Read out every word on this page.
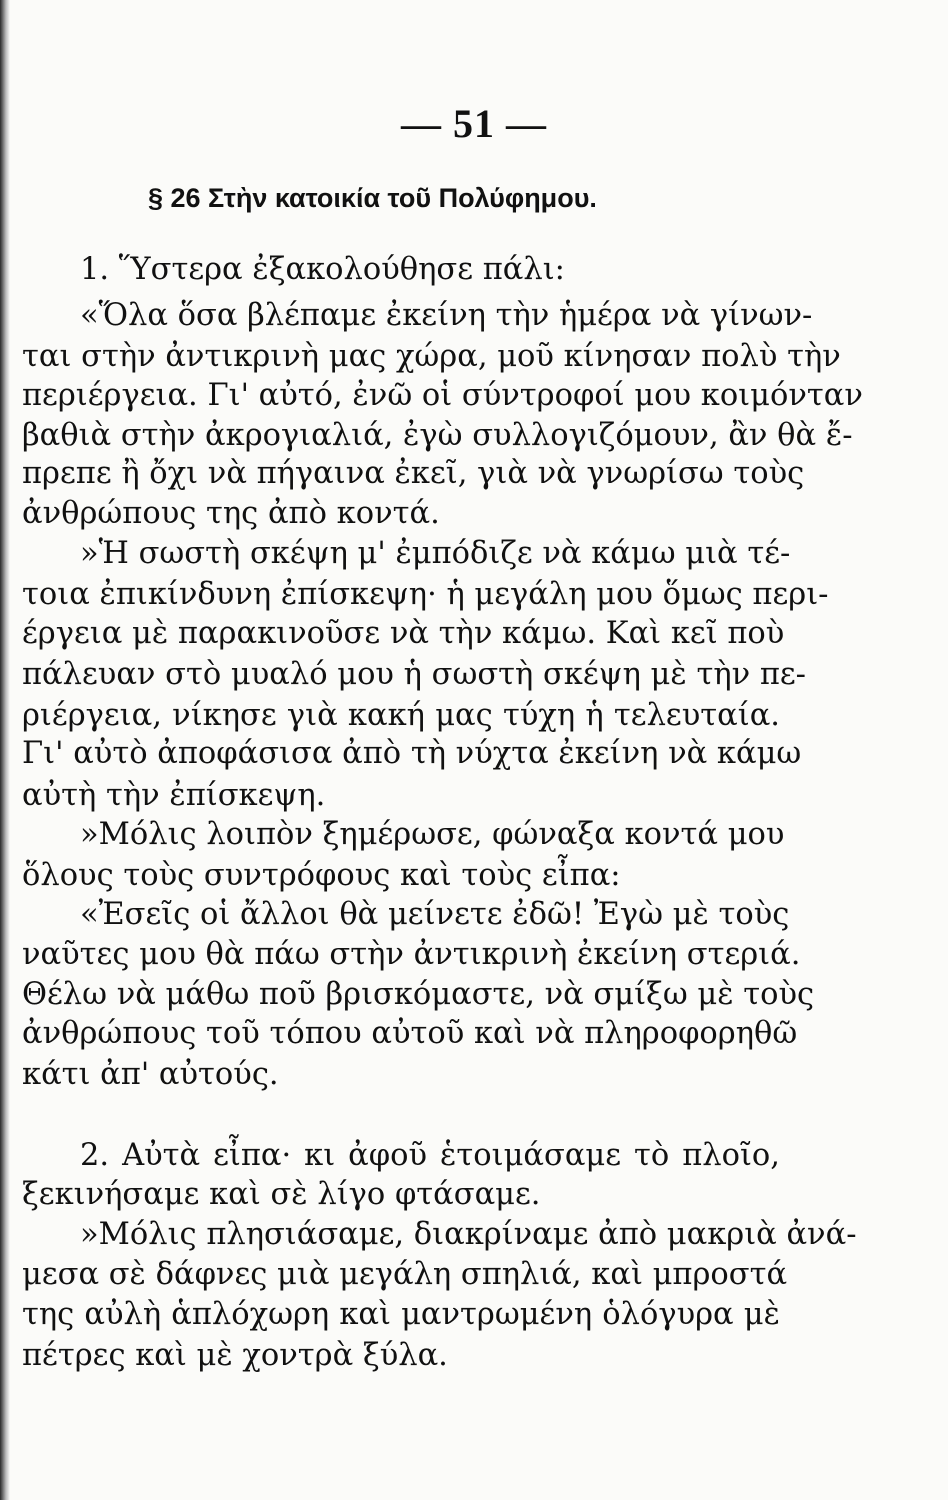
— 51 —
§ 26 Στὴν κατοικία τοῦ Πολύφημου.
1. Ὕστερα ἐξακολούθησε πάλι:
«Ὅλα ὅσα βλέπαμε ἐκείνη τὴν ἡμέρα νὰ γίνων-
ται στὴν ἀντικρινὴ μας χώρα, μοῦ κίνησαν πολὺ τὴν
περιέργεια. Γι' αὐτό, ἐνῶ οἱ σύντροφοί μου κοιμόνταν
βαθιὰ στὴν ἀκρογιαλιά, ἐγὼ συλλογιζόμουν, ἂν θὰ ἔ-
πρεπε ἢ ὄχι νὰ πήγαινα ἐκεῖ, γιὰ νὰ γνωρίσω τοὺς
ἀνθρώπους της ἀπὸ κοντά.
»Ἡ σωστὴ σκέψη μ' ἐμπόδιζε νὰ κάμω μιὰ τέ-
τοια ἐπικίνδυνη ἐπίσκεψη· ἡ μεγάλη μου ὅμως περι-
έργεια μὲ παρακινοῦσε νὰ τὴν κάμω. Καὶ κεῖ ποὺ
πάλευαν στὸ μυαλό μου ἡ σωστὴ σκέψη μὲ τὴν πε-
ριέργεια, νίκησε γιὰ κακή μας τύχη ἡ τελευταία.
Γι' αὐτὸ ἀποφάσισα ἀπὸ τὴ νύχτα ἐκείνη νὰ κάμω
αὐτὴ τὴν ἐπίσκεψη.
»Μόλις λοιπὸν ξημέρωσε, φώναξα κοντά μου
ὅλους τοὺς συντρόφους καὶ τοὺς εἶπα:
«Ἐσεῖς οἱ ἄλλοι θὰ μείνετε ἐδῶ! Ἐγὼ μὲ τοὺς
ναῦτες μου θὰ πάω στὴν ἀντικρινὴ ἐκείνη στεριά.
Θέλω νὰ μάθω ποῦ βρισκόμαστε, νὰ σμίξω μὲ τοὺς
ἀνθρώπους τοῦ τόπου αὐτοῦ καὶ νὰ πληροφορηθῶ
κάτι ἀπ' αὐτούς.
2. Αὐτὰ εἶπα· κι ἀφοῦ ἑτοιμάσαμε τὸ πλοῖο,
ξεκινήσαμε καὶ σὲ λίγο φτάσαμε.
»Μόλις πλησιάσαμε, διακρίναμε ἀπὸ μακριὰ ἀνά-
μεσα σὲ δάφνες μιὰ μεγάλη σπηλιά, καὶ μπροστά
της αὐλὴ ἁπλόχωρη καὶ μαντρωμένη ὁλόγυρα μὲ
πέτρες καὶ μὲ χοντρὰ ξύλα.
